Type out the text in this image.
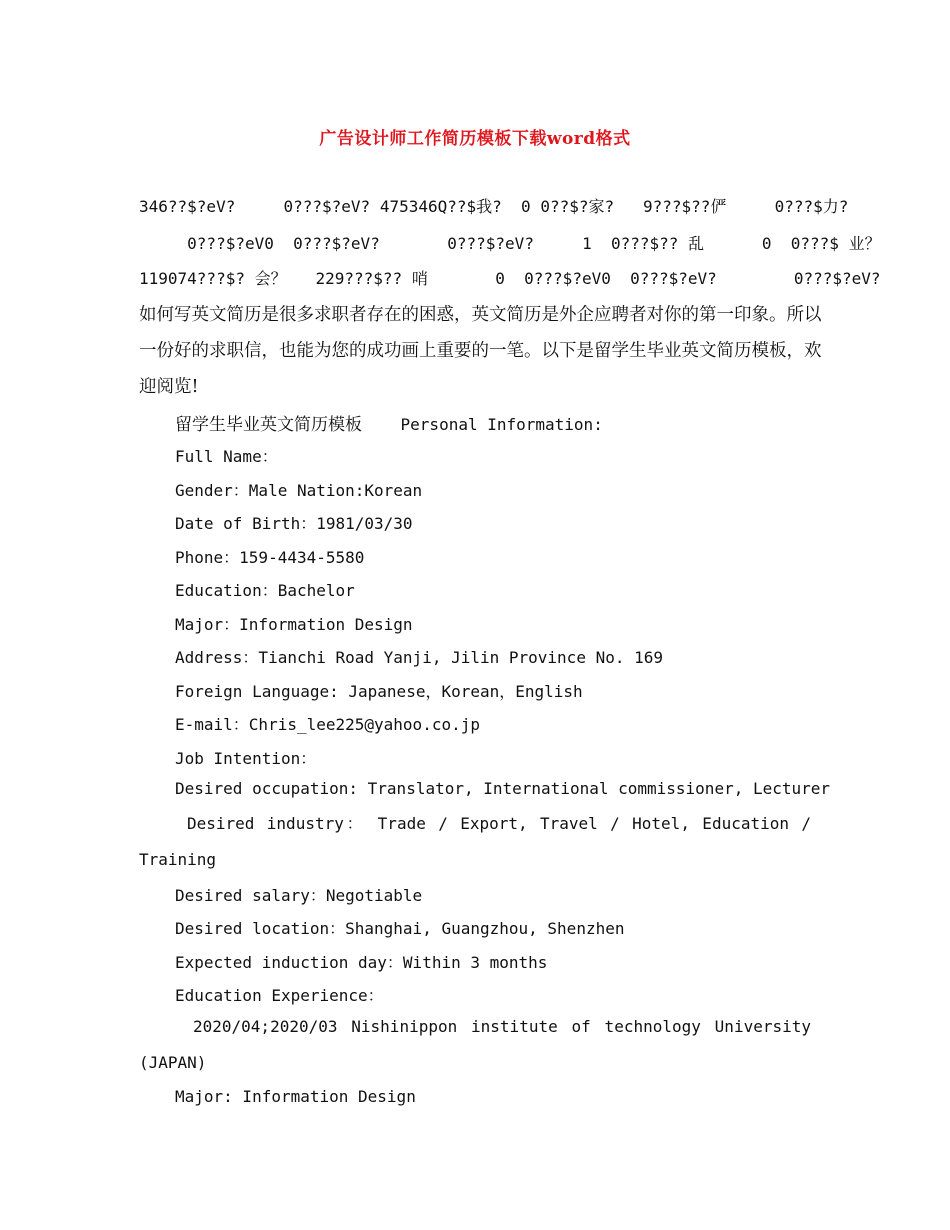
广告设计师工作简历模板下载word格式
346??$?eV?     0???$?eV? 475346Q??$我?  0 0??$?家?   9???$??俨     0???$力?
0???$?eV0  0???$?eV?       0???$?eV?     1  0???$?? 乱      0  0???$ 业？
119074???$? 会？   229???$?? 哨       0  0???$?eV0  0???$?eV?        0???$?eV?
如何写英文简历是很多求职者存在的困惑，英文简历是外企应聘者对你的第一印象。所以一份好的求职信，也能为您的成功画上重要的一笔。以下是留学生毕业英文简历模板，欢迎阅览!
留学生毕业英文简历模板 Personal Information:
Full Name：
Gender：Male Nation:Korean
Date of Birth：1981/03/30
Phone：159-4434-5580
Education：Bachelor
Major：Information Design
Address：Tianchi Road Yanji, Jilin Province No. 169
Foreign Language: Japanese，Korean，English
E-mail：Chris_lee225@yahoo.co.jp
Job Intention：
Desired occupation: Translator, International commissioner, Lecturer
Desired industry： Trade / Export, Travel / Hotel, Education /
Training
Desired salary：Negotiable
Desired location：Shanghai, Guangzhou, Shenzhen
Expected induction day：Within 3 months
Education Experience：
2020/04;2020/03 Nishinippon institute of technology University
(JAPAN)
Major: Information Design
